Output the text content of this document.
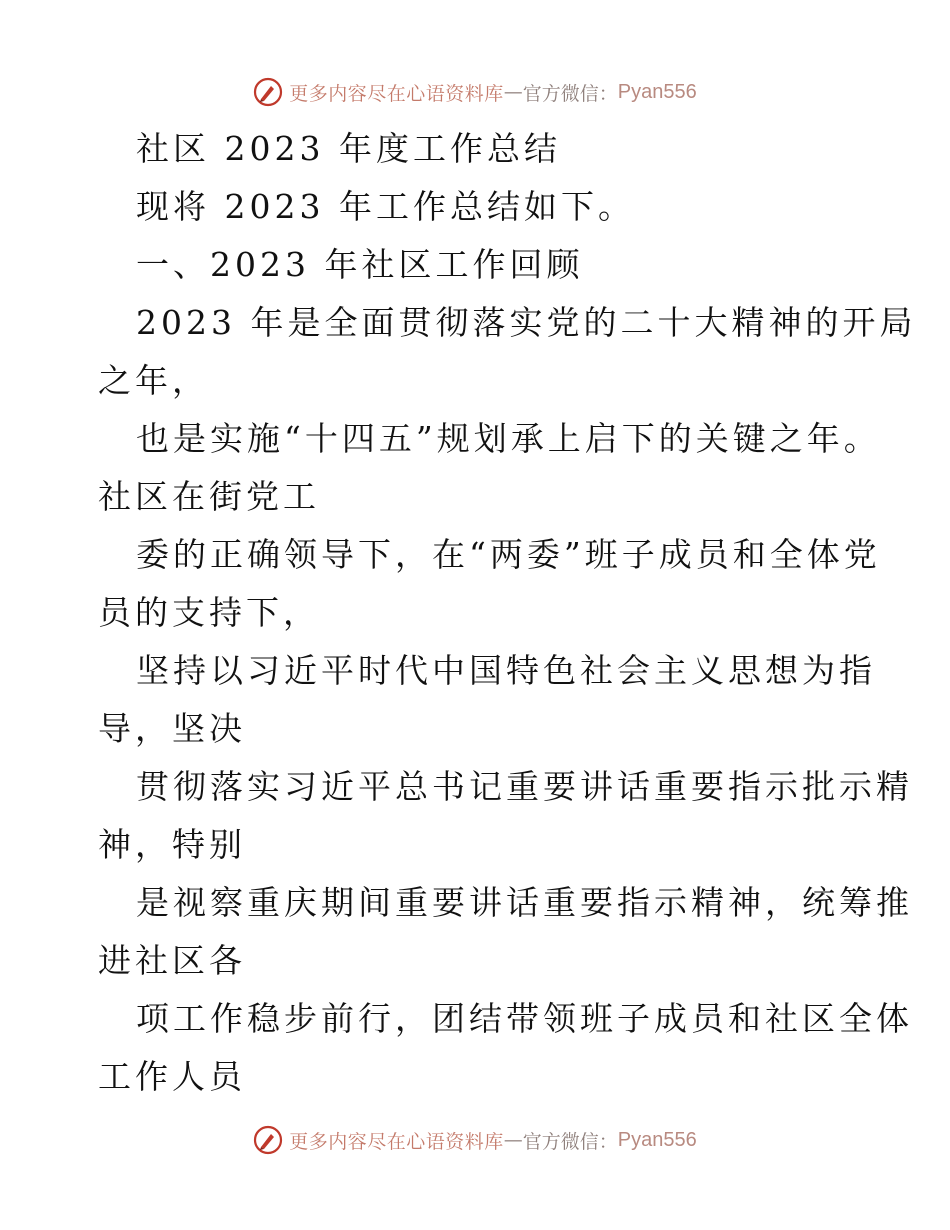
更多内容尽在心语资料库 — 官方微信： Pyan556
社区 2023 年度工作总结
现将 2023 年工作总结如下。
一、2023 年社区工作回顾
2023 年是全面贯彻落实党的二十大精神的开局
之年，
也是实施“十四五”规划承上启下的关键之年。
社区在街党工
委的正确领导下，在“两委”班子成员和全体党
员的支持下，
坚持以习近平时代中国特色社会主义思想为指
导，坚决
贯彻落实习近平总书记重要讲话重要指示批示精
神，特别
是视察重庆期间重要讲话重要指示精神，统筹推
进社区各
项工作稳步前行，团结带领班子成员和社区全体
工作人员
更多内容尽在心语资料库 — 官方微信： Pyan556
